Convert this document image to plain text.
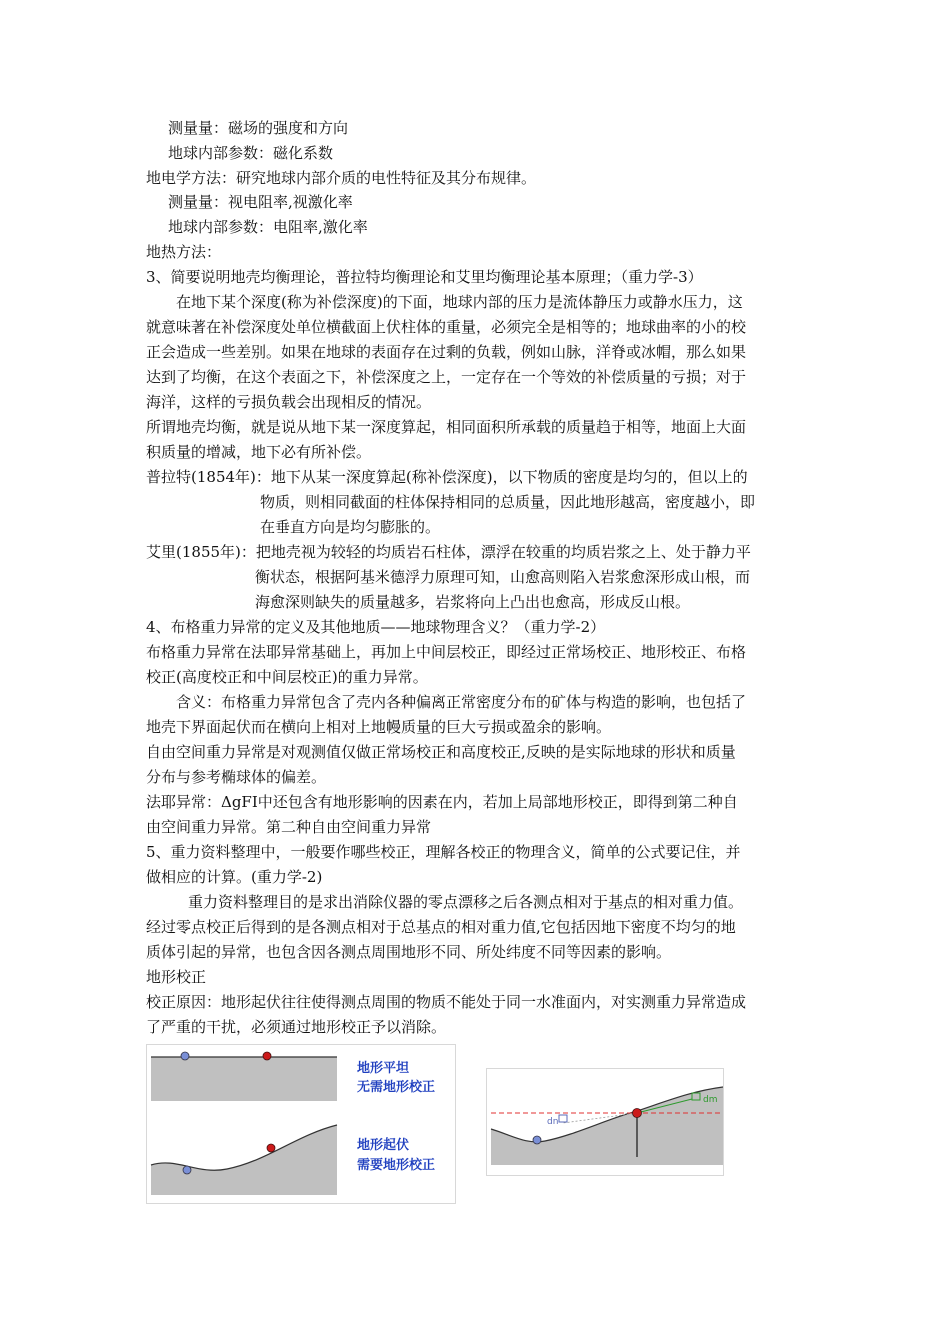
测量量：磁场的强度和方向
地球内部参数：磁化系数
地电学方法：研究地球内部介质的电性特征及其分布规律。
测量量：视电阻率,视激化率
地球内部参数：电阻率,激化率
地热方法：
3、简要说明地壳均衡理论，普拉特均衡理论和艾里均衡理论基本原理；（重力学-3）
在地下某个深度(称为补偿深度)的下面，地球内部的压力是流体静压力或静水压力，这
就意味著在补偿深度处单位横截面上伏柱体的重量，必须完全是相等的；地球曲率的小的校
正会造成一些差别。如果在地球的表面存在过剩的负载，例如山脉，洋脊或冰帽，那么如果
达到了均衡，在这个表面之下，补偿深度之上，一定存在一个等效的补偿质量的亏损；对于
海洋，这样的亏损负载会出现相反的情况。
所谓地壳均衡，就是说从地下某一深度算起，相同面积所承载的质量趋于相等，地面上大面
积质量的增减，地下必有所补偿。
普拉特(1854年)：地下从某一深度算起(称补偿深度)，以下物质的密度是均匀的，但以上的
物质，则相同截面的柱体保持相同的总质量，因此地形越高，密度越小，即
在垂直方向是均匀膨胀的。
艾里(1855年)：把地壳视为较轻的均质岩石柱体，漂浮在较重的均质岩浆之上、处于静力平
衡状态，根据阿基米德浮力原理可知，山愈高则陷入岩浆愈深形成山根，而
海愈深则缺失的质量越多，岩浆将向上凸出也愈高，形成反山根。
4、布格重力异常的定义及其他地质——地球物理含义？（重力学-2）
布格重力异常在法耶异常基础上，再加上中间层校正，即经过正常场校正、地形校正、布格
校正(高度校正和中间层校正)的重力异常。
含义：布格重力异常包含了壳内各种偏离正常密度分布的矿体与构造的影响，也包括了
地壳下界面起伏而在横向上相对上地幔质量的巨大亏损或盈余的影响。
自由空间重力异常是对观测值仅做正常场校正和高度校正,反映的是实际地球的形状和质量
分布与参考椭球体的偏差。
法耶异常：ΔgFI中还包含有地形影响的因素在内，若加上局部地形校正，即得到第二种自
由空间重力异常。第二种自由空间重力异常
5、重力资料整理中，一般要作哪些校正，理解各校正的物理含义，简单的公式要记住，并
做相应的计算。(重力学-2)
重力资料整理目的是求出消除仪器的零点漂移之后各测点相对于基点的相对重力值。
经过零点校正后得到的是各测点相对于总基点的相对重力值,它包括因地下密度不均匀的地
质体引起的异常，也包含因各测点周围地形不同、所处纬度不同等因素的影响。
地形校正
校正原因：地形起伏往往使得测点周围的物质不能处于同一水准面内，对实测重力异常造成
了严重的干扰，必须通过地形校正予以消除。
地形平坦
无需地形校正
地形起伏
需要地形校正
dm
dn
